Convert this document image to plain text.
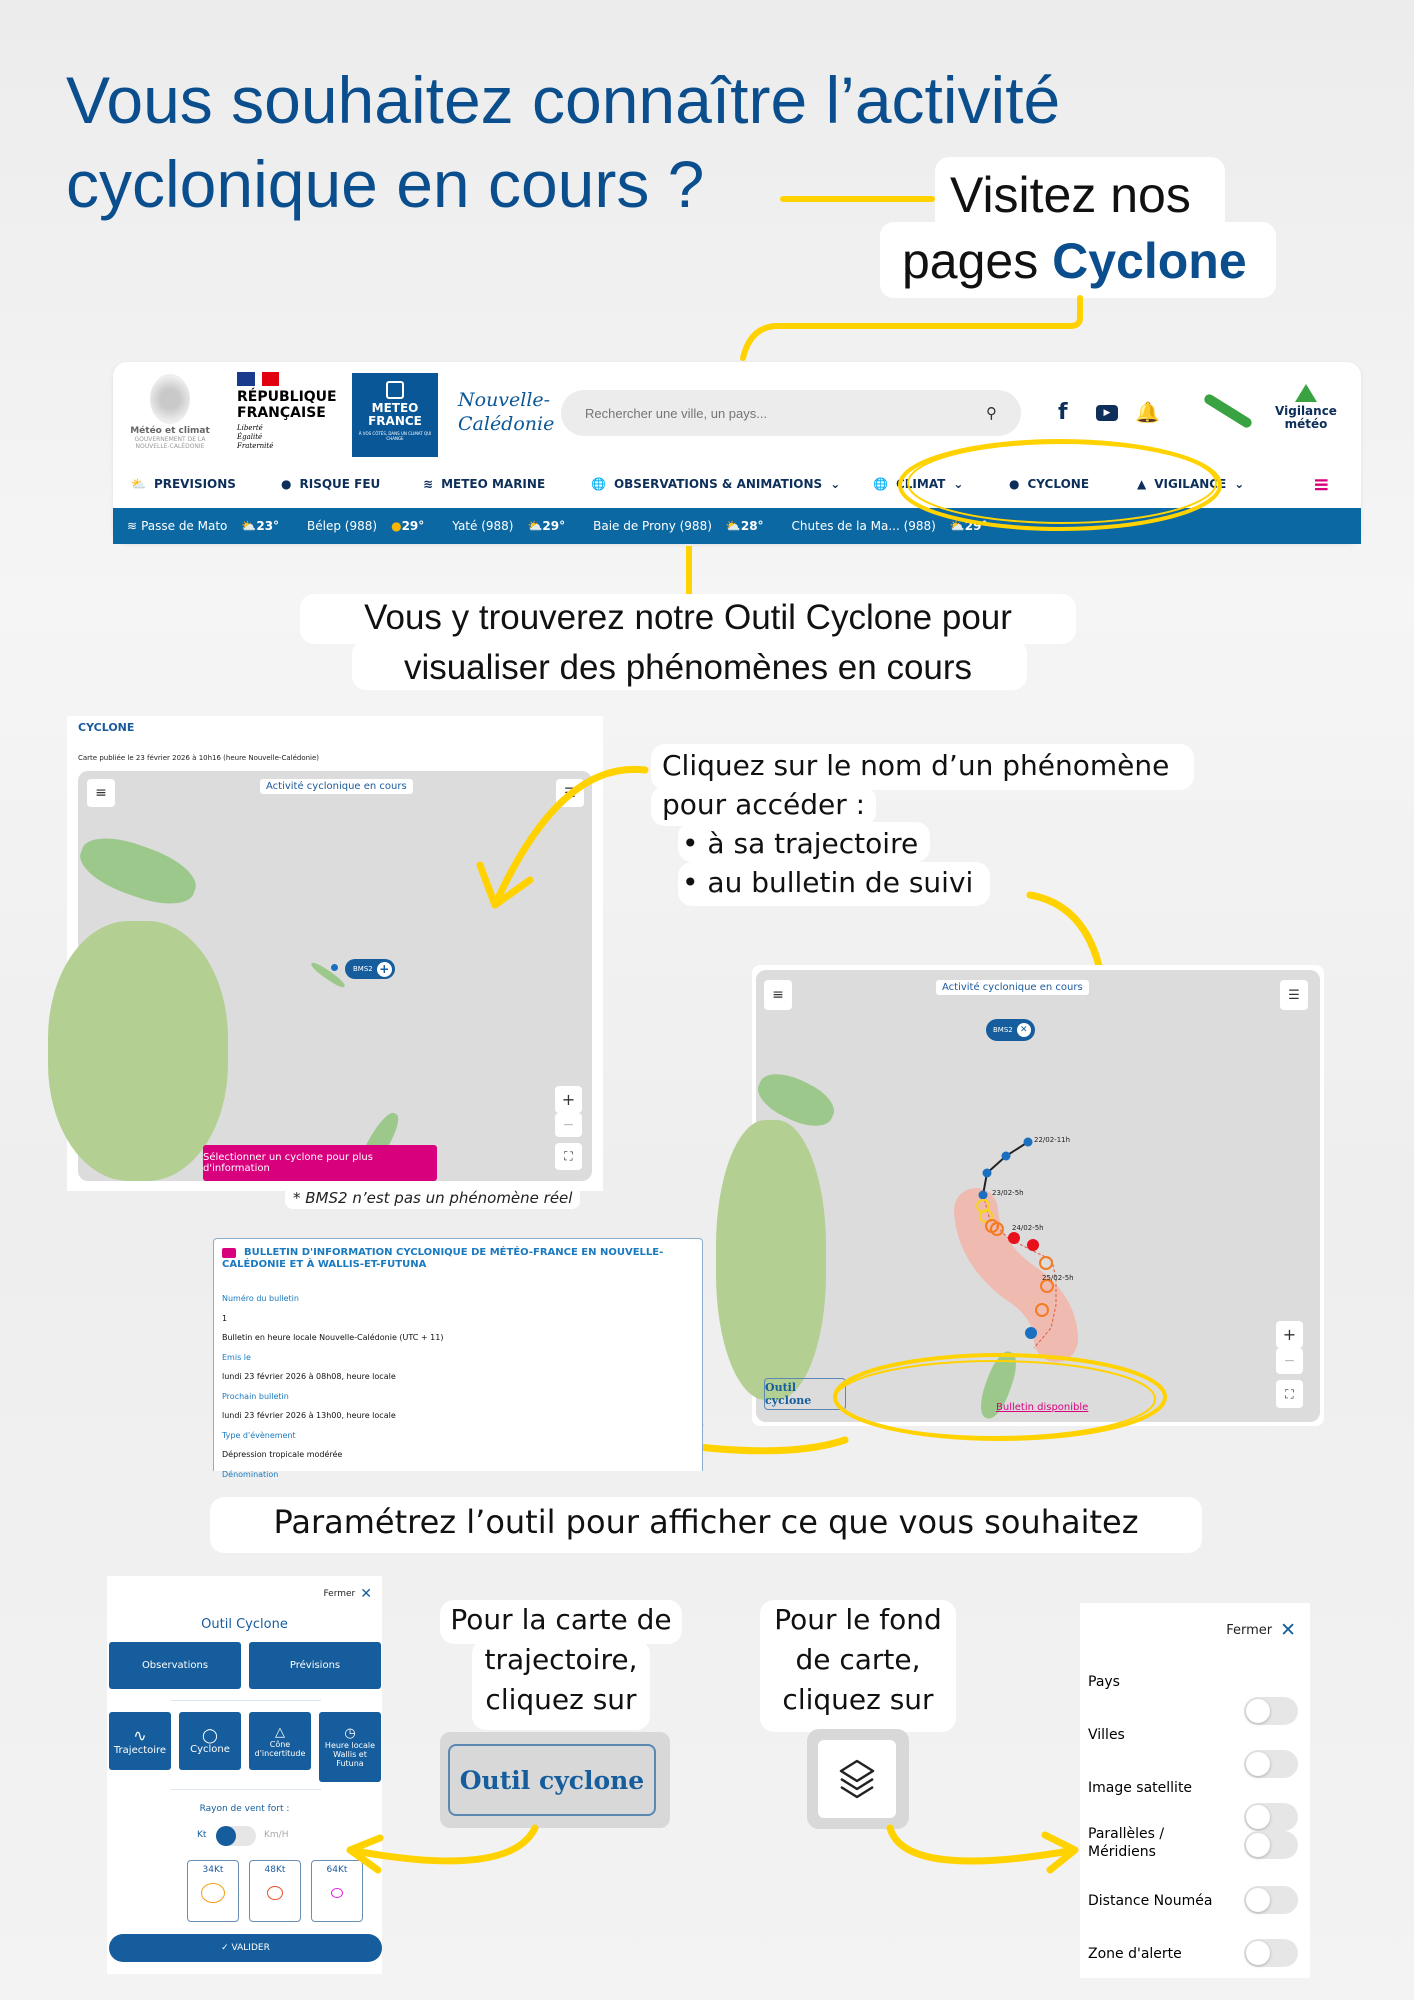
Vous souhaitez connaître l’activité
cyclonique en cours ?	Visitez nos
pages Cyclone
Météo et climat
GOUVERNEMENT DE LA
NOUVELLE-CALÉDONIE
RÉPUBLIQUE
FRANÇAISE
Liberté
Égalité
Fraternité
METEO
FRANCE
À VOS CÔTÉS, DANS UN CLIMAT QUI CHANGE
Nouvelle-
Calédonie
Rechercher une ville, un pays...	⚲	f	▶	🔔	Vigilance
météo
⛅ PREVISIONS	● RISQUE FEU	≋ METEO MARINE	🌐 OBSERVATIONS & ANIMATIONS ⌄	🌐 CLIMAT ⌄	● CYCLONE	▲ VIGILANCE ⌄	≡
≋ Passe de Mato ⛅ 23° Bélep (988) ● 29° Yaté (988) ⛅ 29° Baie de Prony (988) ⛅ 28° Chutes de la Ma... (988) ⛅ 29°
Vous y trouverez notre Outil Cyclone pour
visualiser des phénomènes en cours
CYCLONE
Carte publiée le 23 février 2026 à 10h16 (heure Nouvelle-Calédonie)
≡	Activité cyclonique en cours	☰
BMS2 +
+
−
⛶
Sélectionner un cyclone pour plus d'information
* BMS2 n’est pas un phénomène réel
Cliquez sur le nom d’un phénomène
pour accéder :
• à sa trajectoire
• au bulletin de suivi
22/02-11h
23/02-5h
24/02-5h
25/02-5h
≡	Activité cyclonique en cours	☰
BMS2 ✕
+
−
⛶
Outil cyclone
Bulletin disponible
BULLETIN D'INFORMATION CYCLONIQUE DE MÉTÉO-FRANCE EN NOUVELLE-CALÉDONIE ET À WALLIS-ET-FUTUNA
Numéro du bulletin
1
Bulletin en heure locale Nouvelle-Calédonie (UTC + 11)
Emis le
lundi 23 février 2026 à 08h08, heure locale
Prochain bulletin
lundi 23 février 2026 à 13h00, heure locale
Type d'évènement
Dépression tropicale modérée
Dénomination
Paramétrez l’outil pour afficher ce que vous souhaitez
Fermer ✕
Outil Cyclone
Observations	Prévisions
∿
Trajectoire
◯
Cyclone
△
Cône d'incertitude
◷
Heure locale Wallis et Futuna
Rayon de vent fort :
Kt	Km/H
34Kt	48Kt	64Kt
✓ VALIDER
Pour la carte de
trajectoire,
cliquez sur
Outil cyclone
Pour le fond
de carte,
cliquez sur
Fermer ✕
Pays
Villes
Image satellite
Parallèles / Méridiens
Distance Nouméa
Zone d'alerte
